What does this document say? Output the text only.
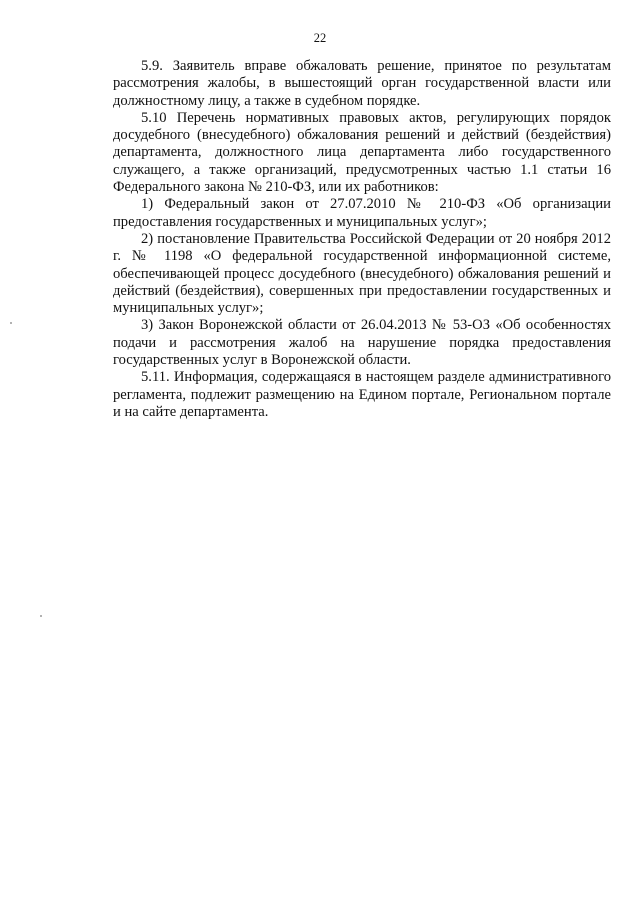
22

5.9. Заявитель вправе обжаловать решение, принятое по результатам рассмотрения жалобы, в вышестоящий орган государственной власти или должностному лицу, а также в судебном порядке.

5.10 Перечень нормативных правовых актов, регулирующих порядок досудебного (внесудебного) обжалования решений и действий (бездействия) департамента, должностного лица департамента либо государственного служащего, а также организаций, предусмотренных частью 1.1 статьи 16 Федерального закона № 210-ФЗ, или их работников:

1) Федеральный закон от 27.07.2010 № 210-ФЗ «Об организации предоставления государственных и муниципальных услуг»;

2) постановление Правительства Российской Федерации от 20 ноября 2012 г. № 1198 «О федеральной государственной информационной системе, обеспечивающей процесс досудебного (внесудебного) обжалования решений и действий (бездействия), совершенных при предоставлении государственных и муниципальных услуг»;

3) Закон Воронежской области от 26.04.2013 № 53-ОЗ «Об особенностях подачи и рассмотрения жалоб на нарушение порядка предоставления государственных услуг в Воронежской области.

5.11. Информация, содержащаяся в настоящем разделе административного регламента, подлежит размещению на Едином портале, Региональном портале и на сайте департамента.
